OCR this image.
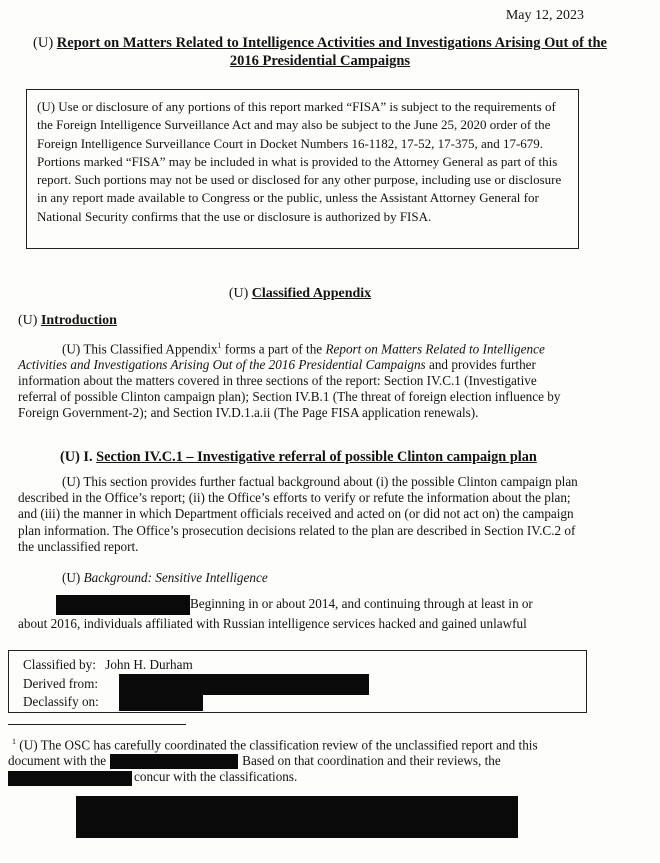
May 12, 2023
(U) Report on Matters Related to Intelligence Activities and Investigations Arising Out of the 2016 Presidential Campaigns
(U) Use or disclosure of any portions of this report marked “FISA” is subject to the requirements of the Foreign Intelligence Surveillance Act and may also be subject to the June 25, 2020 order of the Foreign Intelligence Surveillance Court in Docket Numbers 16-1182, 17-52, 17-375, and 17-679. Portions marked “FISA” may be included in what is provided to the Attorney General as part of this report. Such portions may not be used or disclosed for any other purpose, including use or disclosure in any report made available to Congress or the public, unless the Assistant Attorney General for National Security confirms that the use or disclosure is authorized by FISA.
(U) Classified Appendix
(U) Introduction
(U) This Classified Appendix$^1$ forms a part of the Report on Matters Related to Intelligence Activities and Investigations Arising Out of the 2016 Presidential Campaigns and provides further information about the matters covered in three sections of the report: Section IV.C.1 (Investigative referral of possible Clinton campaign plan); Section IV.B.1 (The threat of foreign election influence by Foreign Government-2); and Section IV.D.1.a.ii (The Page FISA application renewals).
(U) I. Section IV.C.1 – Investigative referral of possible Clinton campaign plan
(U) This section provides further factual background about (i) the possible Clinton campaign plan described in the Office’s report; (ii) the Office’s efforts to verify or refute the information about the plan; and (iii) the manner in which Department officials received and acted on (or did not act on) the campaign plan information. The Office’s prosecution decisions related to the plan are described in Section IV.C.2 of the unclassified report.
(U) Background: Sensitive Intelligence
Beginning in or about 2014, and continuing through at least in or
about 2016, individuals affiliated with Russian intelligence services hacked and gained unlawful
Classified by: John H. Durham
Derived from:
Declassify on:
$^1$ (U) The OSC has carefully coordinated the classification review of the unclassified report and this document with the	Based on that coordination and their reviews, the
concur with the classifications.
